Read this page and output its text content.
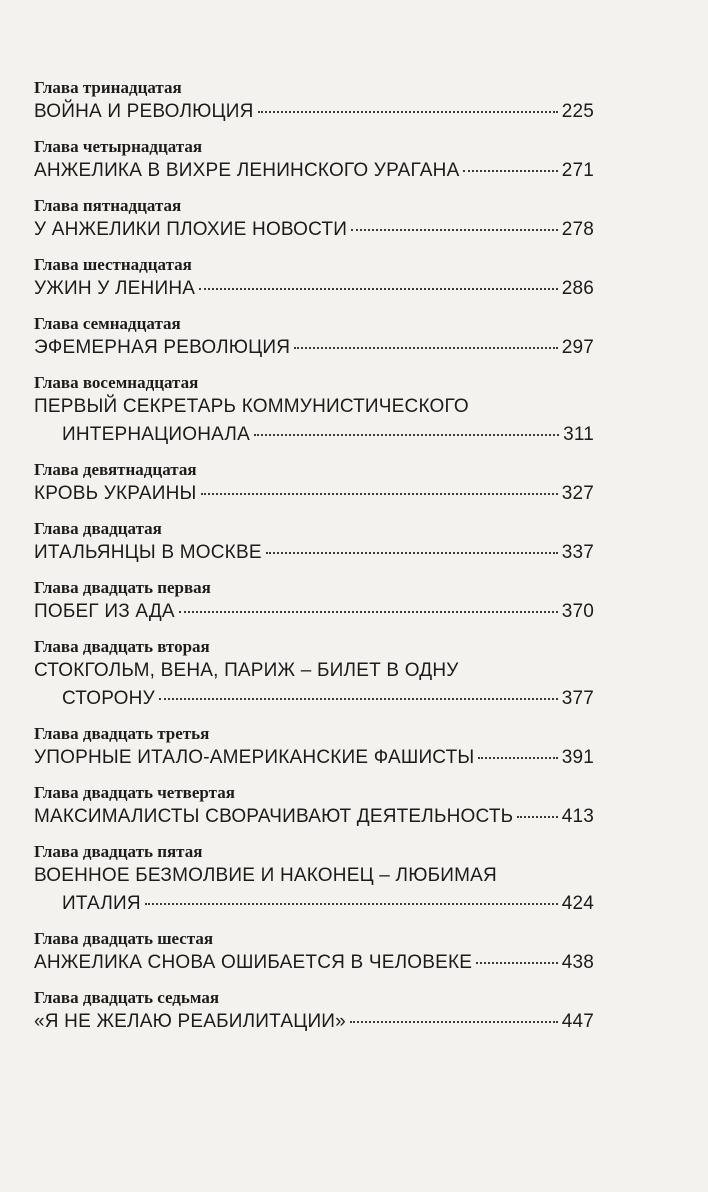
Глава тринадцатая
ВОЙНА И РЕВОЛЮЦИЯ	225
Глава четырнадцатая
АНЖЕЛИКА В ВИХРЕ ЛЕНИНСКОГО УРАГАНА	271
Глава пятнадцатая
У АНЖЕЛИКИ ПЛОХИЕ НОВОСТИ	278
Глава шестнадцатая
УЖИН У ЛЕНИНА	286
Глава семнадцатая
ЭФЕМЕРНАЯ РЕВОЛЮЦИЯ	297
Глава восемнадцатая
ПЕРВЫЙ СЕКРЕТАРЬ КОММУНИСТИЧЕСКОГО
ИНТЕРНАЦИОНАЛА	311
Глава девятнадцатая
КРОВЬ УКРАИНЫ	327
Глава двадцатая
ИТАЛЬЯНЦЫ В МОСКВЕ	337
Глава двадцать первая
ПОБЕГ ИЗ АДА	370
Глава двадцать вторая
СТОКГОЛЬМ, ВЕНА, ПАРИЖ – БИЛЕТ В ОДНУ
СТОРОНУ	377
Глава двадцать третья
УПОРНЫЕ ИТАЛО-АМЕРИКАНСКИЕ ФАШИСТЫ	391
Глава двадцать четвертая
МАКСИМАЛИСТЫ СВОРАЧИВАЮТ ДЕЯТЕЛЬНОСТЬ	413
Глава двадцать пятая
ВОЕННОЕ БЕЗМОЛВИЕ И НАКОНЕЦ – ЛЮБИМАЯ
ИТАЛИЯ	424
Глава двадцать шестая
АНЖЕЛИКА СНОВА ОШИБАЕТСЯ В ЧЕЛОВЕКЕ	438
Глава двадцать седьмая
«Я НЕ ЖЕЛАЮ РЕАБИЛИТАЦИИ»	447
